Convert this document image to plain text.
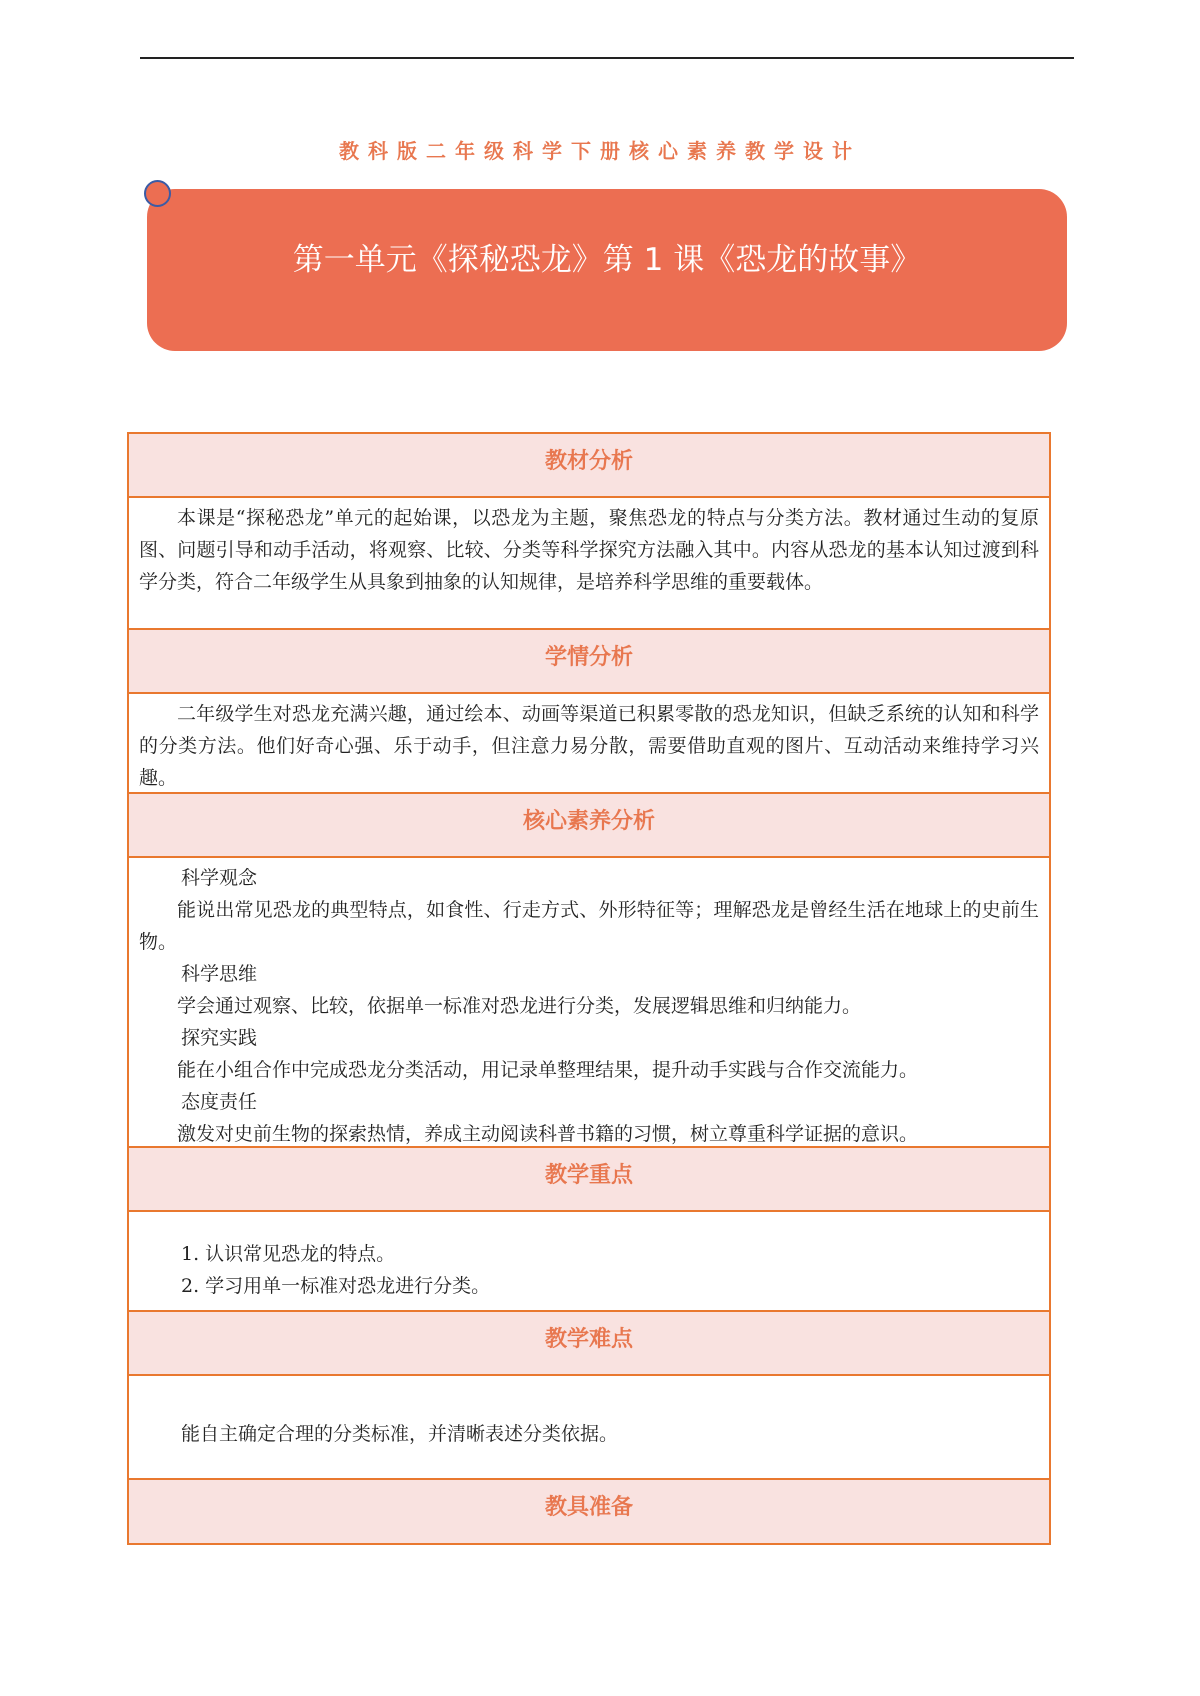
教科版二年级科学下册核心素养教学设计
第一单元《探秘恐龙》第 1 课《恐龙的故事》
教材分析

本课是“探秘恐龙”单元的起始课，以恐龙为主题，聚焦恐龙的特点与分类方法。教材通过生动的复原图、问题引导和动手活动，将观察、比较、分类等科学探究方法融入其中。内容从恐龙的基本认知过渡到科学分类，符合二年级学生从具象到抽象的认知规律，是培养科学思维的重要载体。

学情分析

二年级学生对恐龙充满兴趣，通过绘本、动画等渠道已积累零散的恐龙知识，但缺乏系统的认知和科学的分类方法。他们好奇心强、乐于动手，但注意力易分散，需要借助直观的图片、互动活动来维持学习兴趣。

核心素养分析

科学观念

能说出常见恐龙的典型特点，如食性、行走方式、外形特征等；理解恐龙是曾经生活在地球上的史前生物。

科学思维

学会通过观察、比较，依据单一标准对恐龙进行分类，发展逻辑思维和归纳能力。

探究实践

能在小组合作中完成恐龙分类活动，用记录单整理结果，提升动手实践与合作交流能力。

态度责任

激发对史前生物的探索热情，养成主动阅读科普书籍的习惯，树立尊重科学证据的意识。

教学重点

1. 认识常见恐龙的特点。

2. 学习用单一标准对恐龙进行分类。

教学难点

能自主确定合理的分类标准，并清晰表述分类依据。

教具准备
